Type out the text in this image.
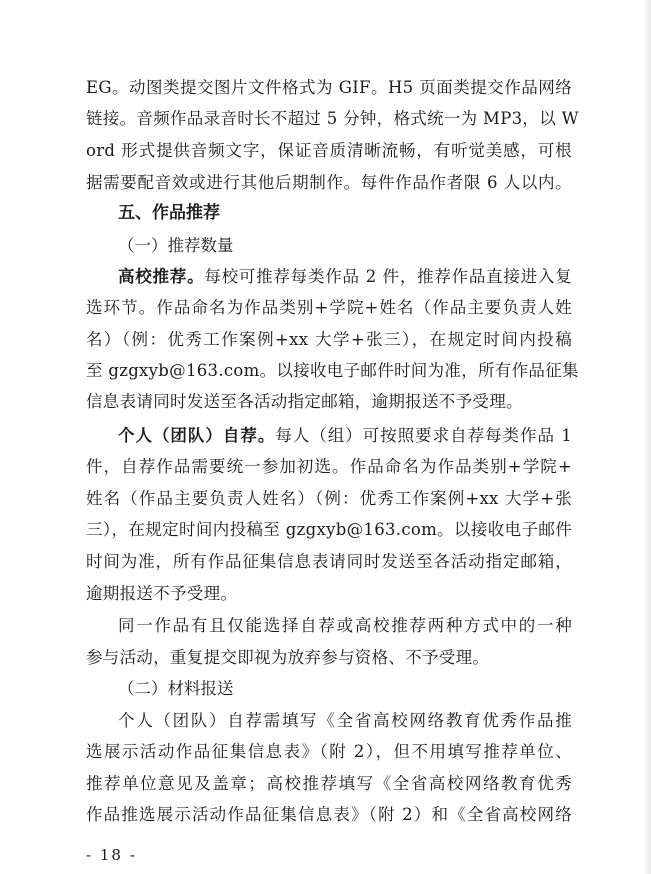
EG。动图类提交图片文件格式为 GIF。H5 页面类提交作品网络
链接。音频作品录音时长不超过 5 分钟，格式统一为 MP3，以 W
ord 形式提供音频文字，保证音质清晰流畅，有听觉美感，可根
据需要配音效或进行其他后期制作。每件作品作者限 6 人以内。
五、作品推荐
（一）推荐数量
高校推荐。每校可推荐每类作品 2 件，推荐作品直接进入复
选环节。作品命名为作品类别+学院+姓名（作品主要负责人姓
名）（例：优秀工作案例+xx 大学+张三），在规定时间内投稿
至 gzgxyb@163.com。以接收电子邮件时间为准，所有作品征集
信息表请同时发送至各活动指定邮箱，逾期报送不予受理。
个人（团队）自荐。每人（组）可按照要求自荐每类作品 1
件，自荐作品需要统一参加初选。作品命名为作品类别+学院+
姓名（作品主要负责人姓名）（例：优秀工作案例+xx 大学+张
三），在规定时间内投稿至 gzgxyb@163.com。以接收电子邮件
时间为准，所有作品征集信息表请同时发送至各活动指定邮箱，
逾期报送不予受理。
同一作品有且仅能选择自荐或高校推荐两种方式中的一种
参与活动，重复提交即视为放弃参与资格、不予受理。
（二）材料报送
个人（团队）自荐需填写《全省高校网络教育优秀作品推
选展示活动作品征集信息表》（附 2），但不用填写推荐单位、
推荐单位意见及盖章；高校推荐填写《全省高校网络教育优秀
作品推选展示活动作品征集信息表》（附 2）和《全省高校网络
- 18 -
